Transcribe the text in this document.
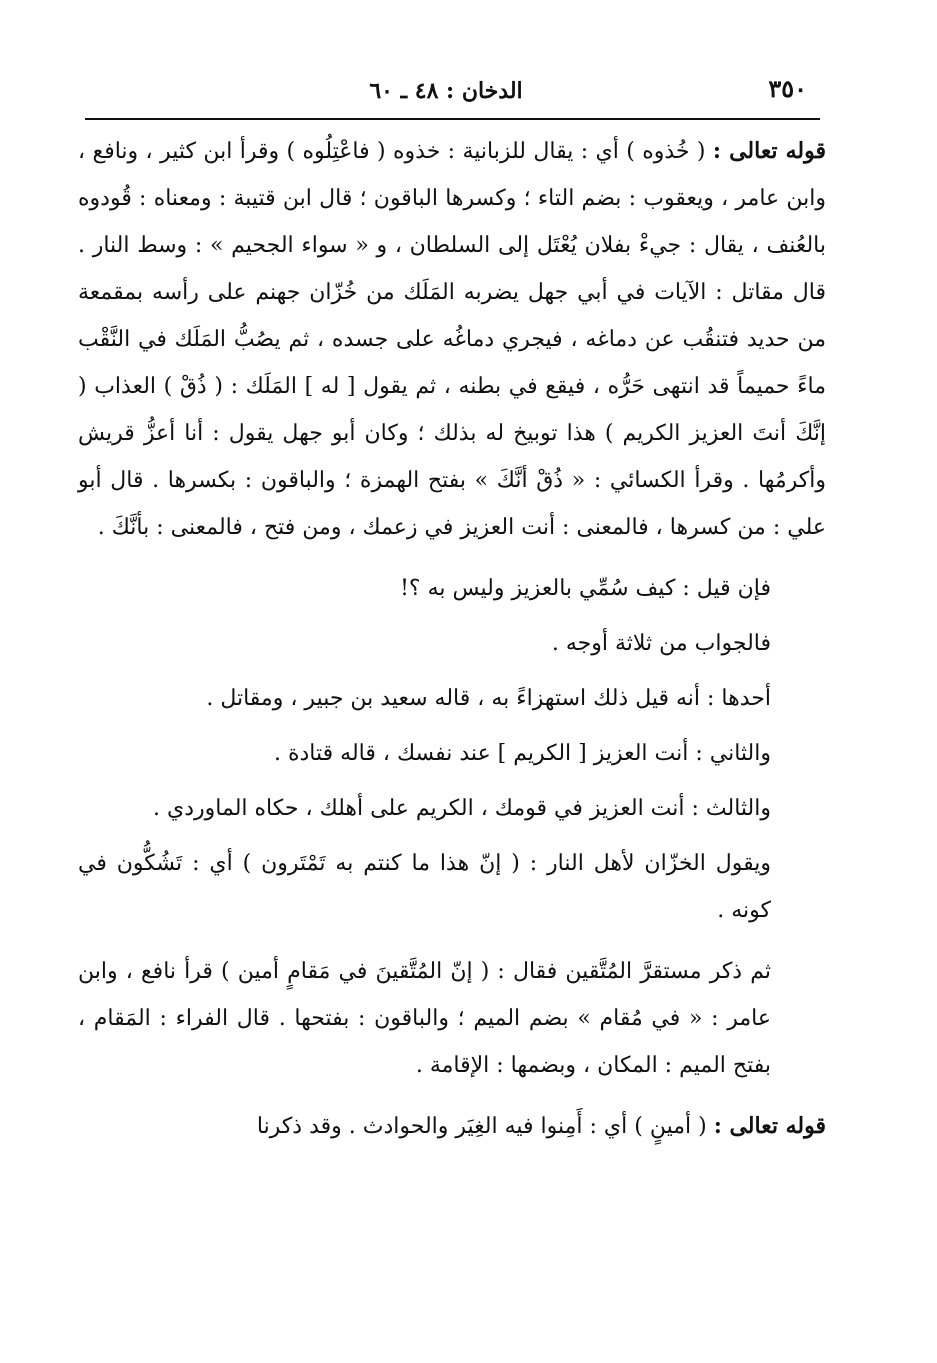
٣٥٠
الدخان : ٤٨ ـ ٦٠

قوله تعالى : ( خُذوه ) أي : يقال للزبانية : خذوه ( فاعْتِلُوه ) وقرأ ابن كثير ، ونافع ، وابن عامر ، ويعقوب : بضم التاء ؛ وكسرها الباقون ؛ قال ابن قتيبة : ومعناه : قُودوه بالعُنف ، يقال : جيءْ بفلان يُعْتَل إلى السلطان ، و « سواء الجحيم » : وسط النار . قال مقاتل : الآيات في أبي جهل يضربه المَلَك من خُزّان جهنم على رأسه بمقمعة من حديد فتنقُب عن دماغه ، فيجري دماغُه على جسده ، ثم يصُبُّ المَلَك في النَّقْب ماءً حميماً قد انتهى حَرُّه ، فيقع في بطنه ، ثم يقول [ له ] المَلَك : ( ذُقْ ) العذاب ( إنَّكَ أنتَ العزيز الكريم ) هذا توبيخ له بذلك ؛ وكان أبو جهل يقول : أنا أعزُّ قريش وأكرمُها . وقرأ الكسائي : « ذُقْ أنَّكَ » بفتح الهمزة ؛ والباقون : بكسرها . قال أبو علي : من كسرها ، فالمعنى : أنت العزيز في زعمك ، ومن فتح ، فالمعنى : بأنَّكَ .

فإن قيل : كيف سُمِّي بالعزيز وليس به ؟!

فالجواب من ثلاثة أوجه .

أحدها : أنه قيل ذلك استهزاءً به ، قاله سعيد بن جبير ، ومقاتل .

والثاني : أنت العزيز [ الكريم ] عند نفسك ، قاله قتادة .

والثالث : أنت العزيز في قومك ، الكريم على أهلك ، حكاه الماوردي .

ويقول الخزّان لأهل النار : ( إنّ هذا ما كنتم به تَمْتَرون ) أي : تَشُكُّون في كونه .

ثم ذكر مستقرَّ المُتَّقين فقال : ( إنّ المُتَّقينَ في مَقامٍ أمين ) قرأ نافع ، وابن عامر : « في مُقام » بضم الميم ؛ والباقون : بفتحها . قال الفراء : المَقام ، بفتح الميم : المكان ، وبضمها : الإقامة .

قوله تعالى : ( أمينٍ ) أي : أَمِنوا فيه الغِيَر والحوادث . وقد ذكرنا
